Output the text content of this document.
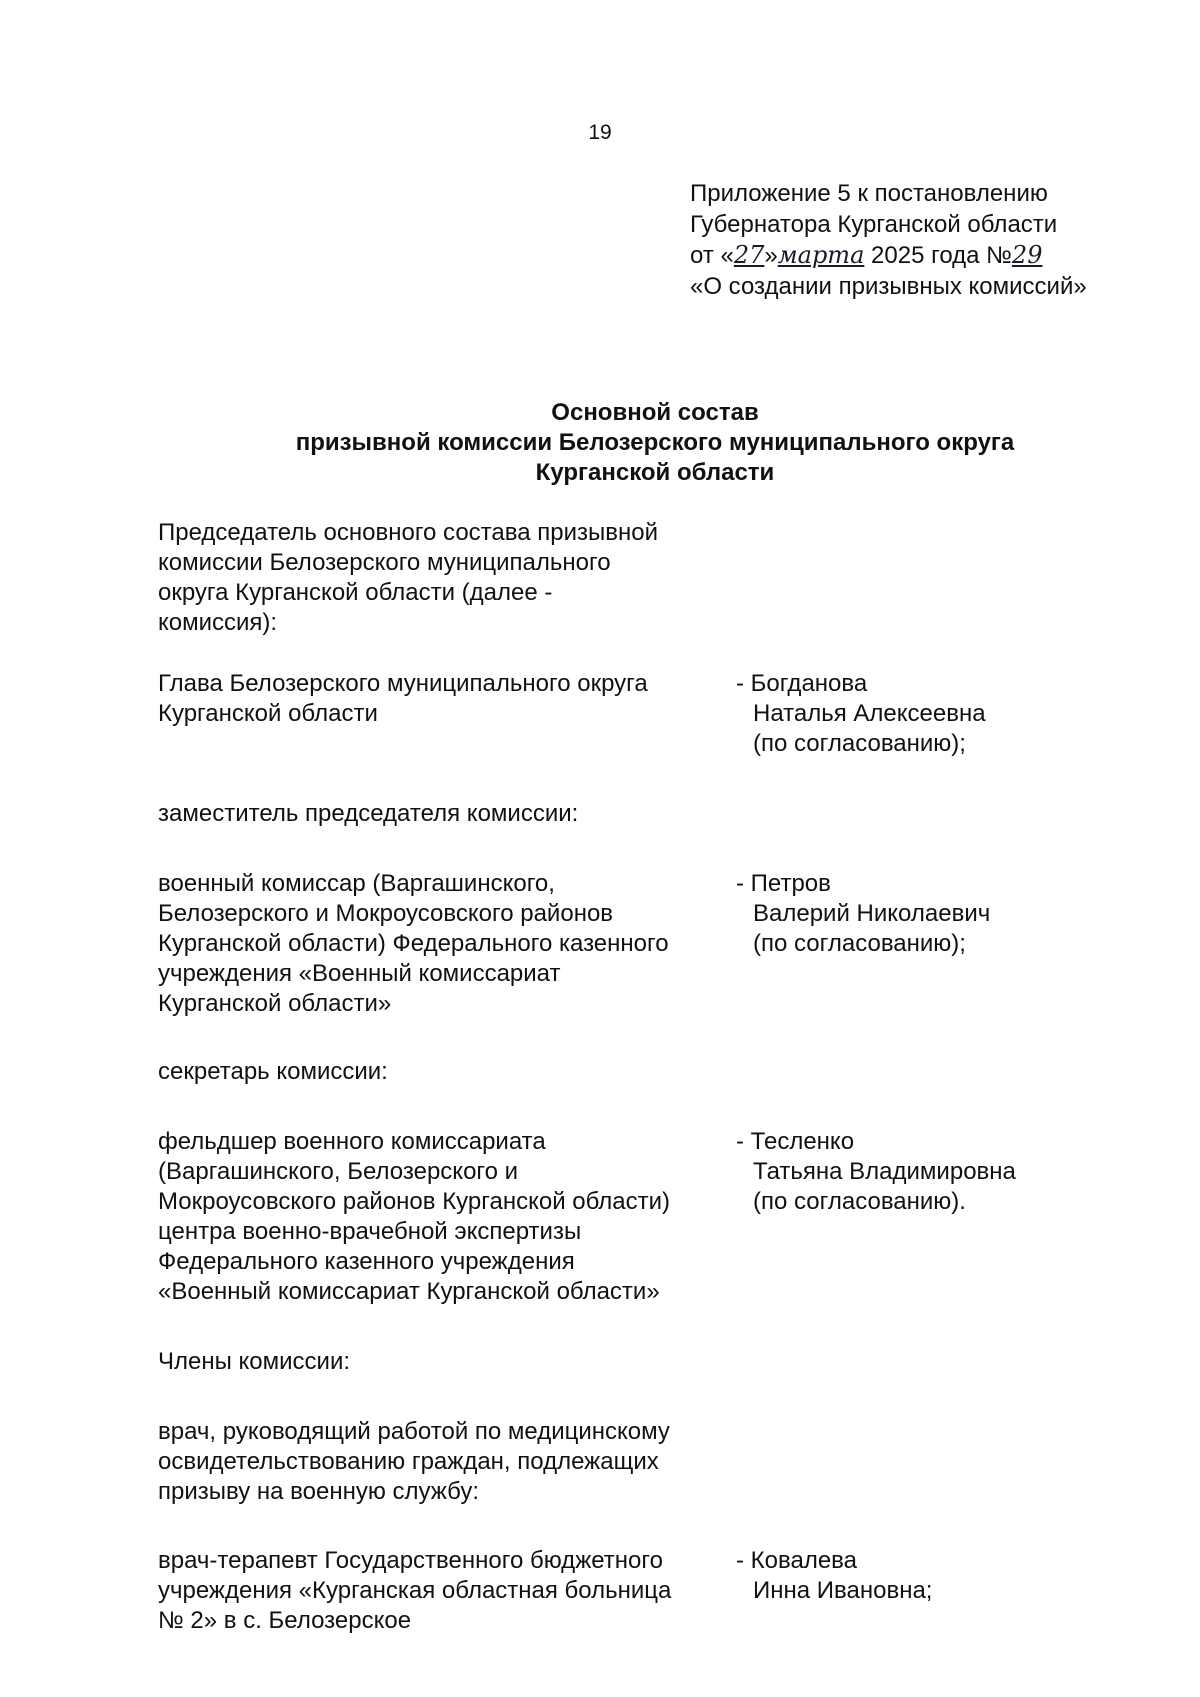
19
Приложение 5 к постановлению
Губернатора Курганской области
от «27»марта 2025 года №29
«О создании призывных комиссий»
Основной состав
призывной комиссии Белозерского муниципального округа
Курганской области
Председатель основного состава призывной
комиссии Белозерского муниципального
округа Курганской области (далее -
комиссия):
Глава Белозерского муниципального округа
Курганской области
- Богданова
Наталья Алексеевна
(по согласованию);
заместитель председателя комиссии:
военный комиссар (Варгашинского,
Белозерского и Мокроусовского районов
Курганской области) Федерального казенного
учреждения «Военный комиссариат
Курганской области»
- Петров
Валерий Николаевич
(по согласованию);
секретарь комиссии:
фельдшер военного комиссариата
(Варгашинского, Белозерского и
Мокроусовского районов Курганской области)
центра военно-врачебной экспертизы
Федерального казенного учреждения
«Военный комиссариат Курганской области»
- Тесленко
Татьяна Владимировна
(по согласованию).
Члены комиссии:
врач, руководящий работой по медицинскому
освидетельствованию граждан, подлежащих
призыву на военную службу:
врач-терапевт Государственного бюджетного
учреждения «Курганская областная больница
№ 2» в с. Белозерское
- Ковалева
Инна Ивановна;
